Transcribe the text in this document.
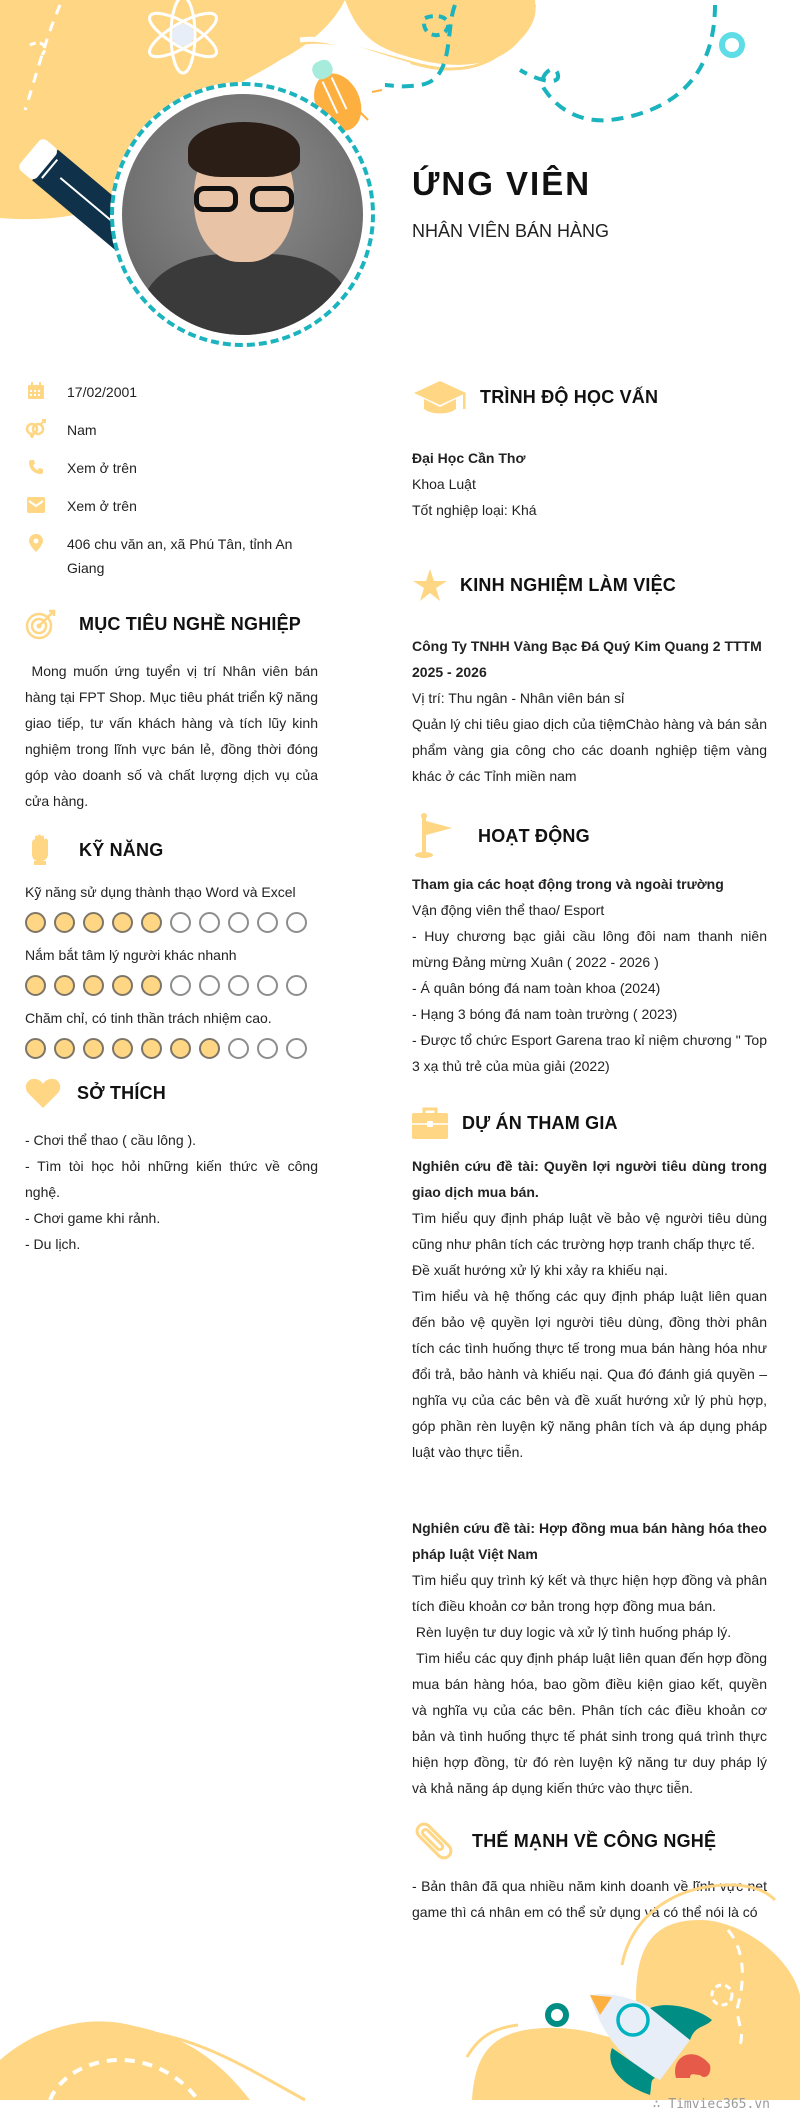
ỨNG VIÊN
NHÂN VIÊN BÁN HÀNG
17/02/2001
Nam
Xem ở trên
Xem ở trên
406 chu văn an, xã Phú Tân, tỉnh An Giang
MỤC TIÊU NGHỀ NGHIỆP

Mong muốn ứng tuyển vị trí Nhân viên bán hàng tại FPT Shop. Mục tiêu phát triển kỹ năng giao tiếp, tư vấn khách hàng và tích lũy kinh nghiệm trong lĩnh vực bán lẻ, đồng thời đóng góp vào doanh số và chất lượng dịch vụ của cửa hàng.

KỸ NĂNG
Kỹ năng sử dụng thành thạo Word và Excel
Nắm bắt tâm lý người khác nhanh
Chăm chỉ, có tinh thần trách nhiệm cao.
SỞ THÍCH
- Chơi thể thao ( cầu lông ).
- Tìm tòi học hỏi những kiến thức về công nghệ.
- Chơi game khi rảnh.
- Du lịch.
TRÌNH ĐỘ HỌC VẤN
Đại Học Cần Thơ
Khoa Luật
Tốt nghiệp loại: Khá
KINH NGHIỆM LÀM VIỆC
Công Ty TNHH Vàng Bạc Đá Quý Kim Quang 2 TTTM
2025 - 2026
Vị trí: Thu ngân - Nhân viên bán sỉ
Quản lý chi tiêu giao dịch của tiệmChào hàng và bán sản phẩm vàng gia công cho các doanh nghiệp tiệm vàng khác ở các Tỉnh miền nam
HOẠT ĐỘNG
Tham gia các hoạt động trong và ngoài trường
Vận động viên thể thao/ Esport
- Huy chương bạc giải cầu lông đôi nam thanh niên mừng Đảng mừng Xuân ( 2022 - 2026 )
- Á quân bóng đá nam toàn khoa (2024)
- Hạng 3 bóng đá nam toàn trường ( 2023)
- Được tổ chức Esport Garena trao kỉ niệm chương " Top 3 xạ thủ trẻ của mùa giải (2022)
DỰ ÁN THAM GIA
Nghiên cứu đề tài: Quyền lợi người tiêu dùng trong giao dịch mua bán.
Tìm hiểu quy định pháp luật về bảo vệ người tiêu dùng cũng như phân tích các trường hợp tranh chấp thực tế.
Đề xuất hướng xử lý khi xảy ra khiếu nại.
Tìm hiểu và hệ thống các quy định pháp luật liên quan đến bảo vệ quyền lợi người tiêu dùng, đồng thời phân tích các tình huống thực tế trong mua bán hàng hóa như đổi trả, bảo hành và khiếu nại. Qua đó đánh giá quyền – nghĩa vụ của các bên và đề xuất hướng xử lý phù hợp, góp phần rèn luyện kỹ năng phân tích và áp dụng pháp luật vào thực tiễn.
Nghiên cứu đề tài: Hợp đồng mua bán hàng hóa theo pháp luật Việt Nam
Tìm hiểu quy trình ký kết và thực hiện hợp đồng và phân tích điều khoản cơ bản trong hợp đồng mua bán.
Rèn luyện tư duy logic và xử lý tình huống pháp lý.
Tìm hiểu các quy định pháp luật liên quan đến hợp đồng mua bán hàng hóa, bao gồm điều kiện giao kết, quyền và nghĩa vụ của các bên. Phân tích các điều khoản cơ bản và tình huống thực tế phát sinh trong quá trình thực hiện hợp đồng, từ đó rèn luyện kỹ năng tư duy pháp lý và khả năng áp dụng kiến thức vào thực tiễn.
THẾ MẠNH VỀ CÔNG NGHỆ
- Bản thân đã qua nhiều năm kinh doanh về lĩnh vực net game thì cá nhân em có thể sử dụng và có thể nói là có
∴ Timviec365.vn
